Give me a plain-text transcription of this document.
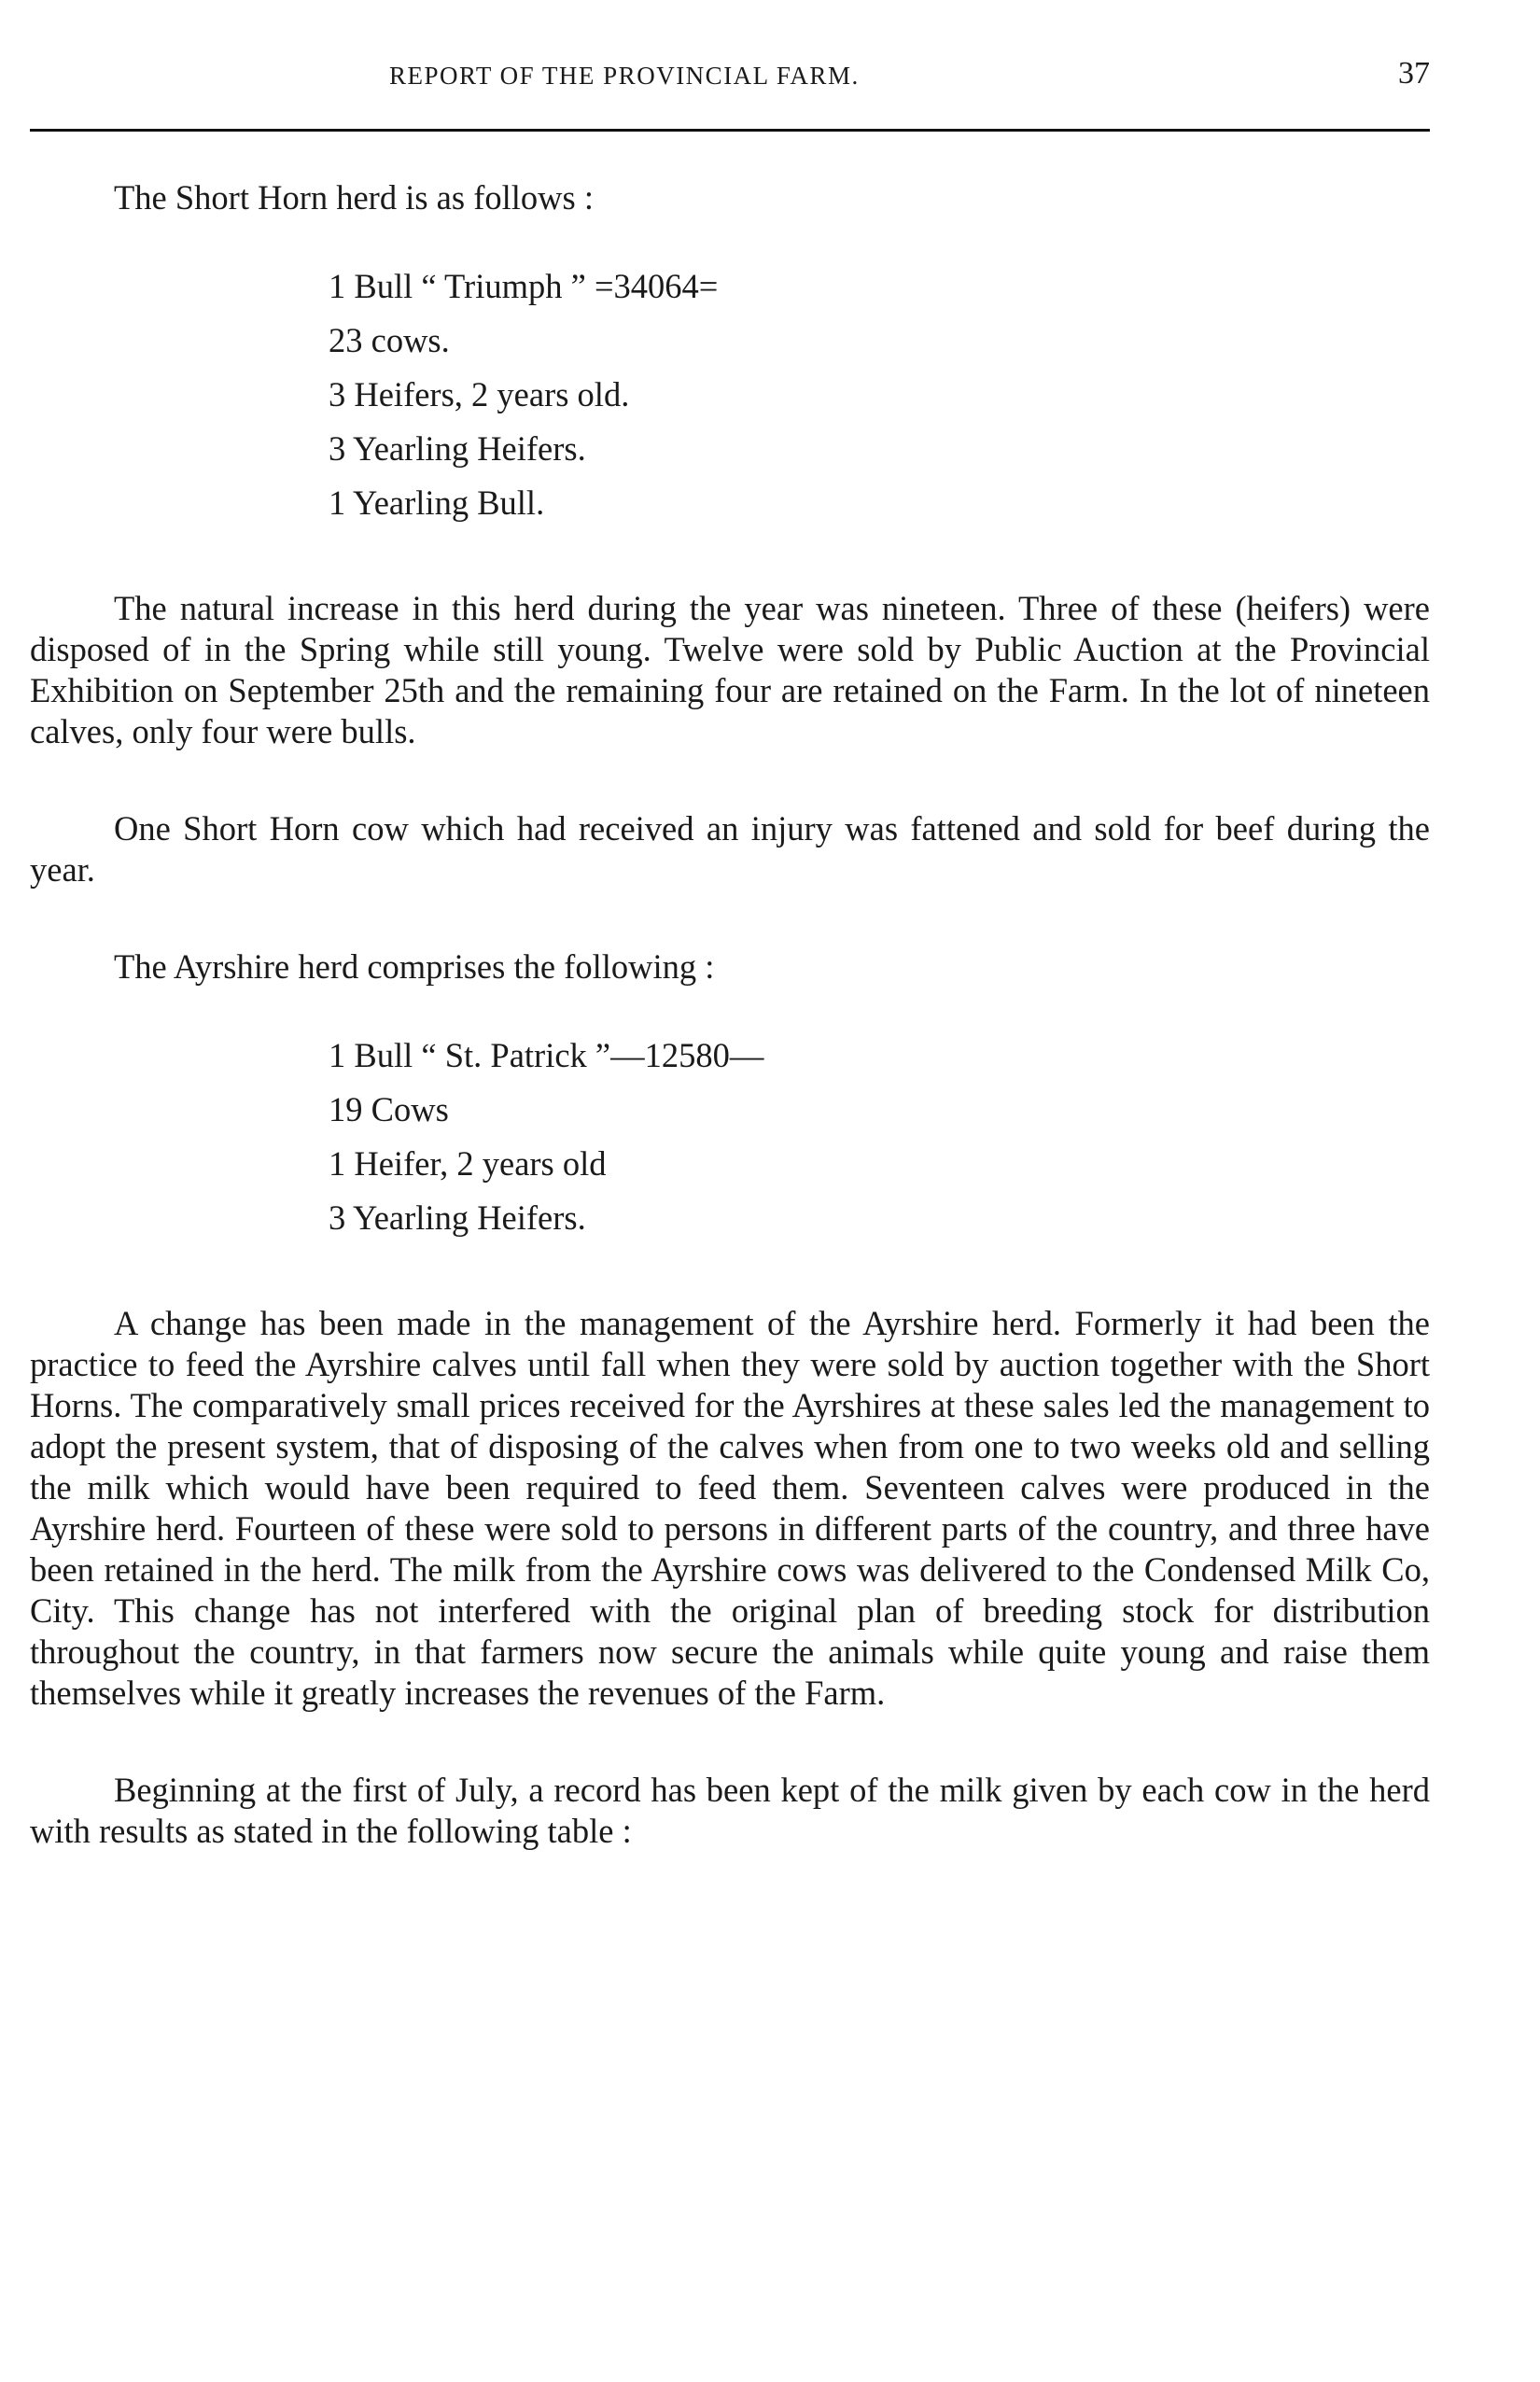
REPORT OF THE PROVINCIAL FARM.	37

The Short Horn herd is as follows :

1 Bull “ Triumph ” =34064=
23 cows.
3 Heifers, 2 years old.
3 Yearling Heifers.
1 Yearling Bull.

The natural increase in this herd during the year was nineteen. Three of these (heifers) were disposed of in the Spring while still young. Twelve were sold by Public Auction at the Provincial Exhibition on September 25th and the remaining four are retained on the Farm. In the lot of nineteen calves, only four were bulls.

One Short Horn cow which had received an injury was fattened and sold for beef during the year.

The Ayrshire herd comprises the following :

1 Bull “ St. Patrick ”—12580—
19 Cows
1 Heifer, 2 years old
3 Yearling Heifers.

A change has been made in the management of the Ayrshire herd. Formerly it had been the practice to feed the Ayrshire calves until fall when they were sold by auction together with the Short Horns. The comparatively small prices received for the Ayrshires at these sales led the management to adopt the present system, that of disposing of the calves when from one to two weeks old and selling the milk which would have been required to feed them. Seventeen calves were produced in the Ayrshire herd. Fourteen of these were sold to persons in different parts of the country, and three have been retained in the herd. The milk from the Ayrshire cows was delivered to the Condensed Milk Co, City. This change has not interfered with the original plan of breeding stock for distribution throughout the country, in that farmers now secure the animals while quite young and raise them themselves while it greatly increases the revenues of the Farm.

Beginning at the first of July, a record has been kept of the milk given by each cow in the herd with results as stated in the following table :
